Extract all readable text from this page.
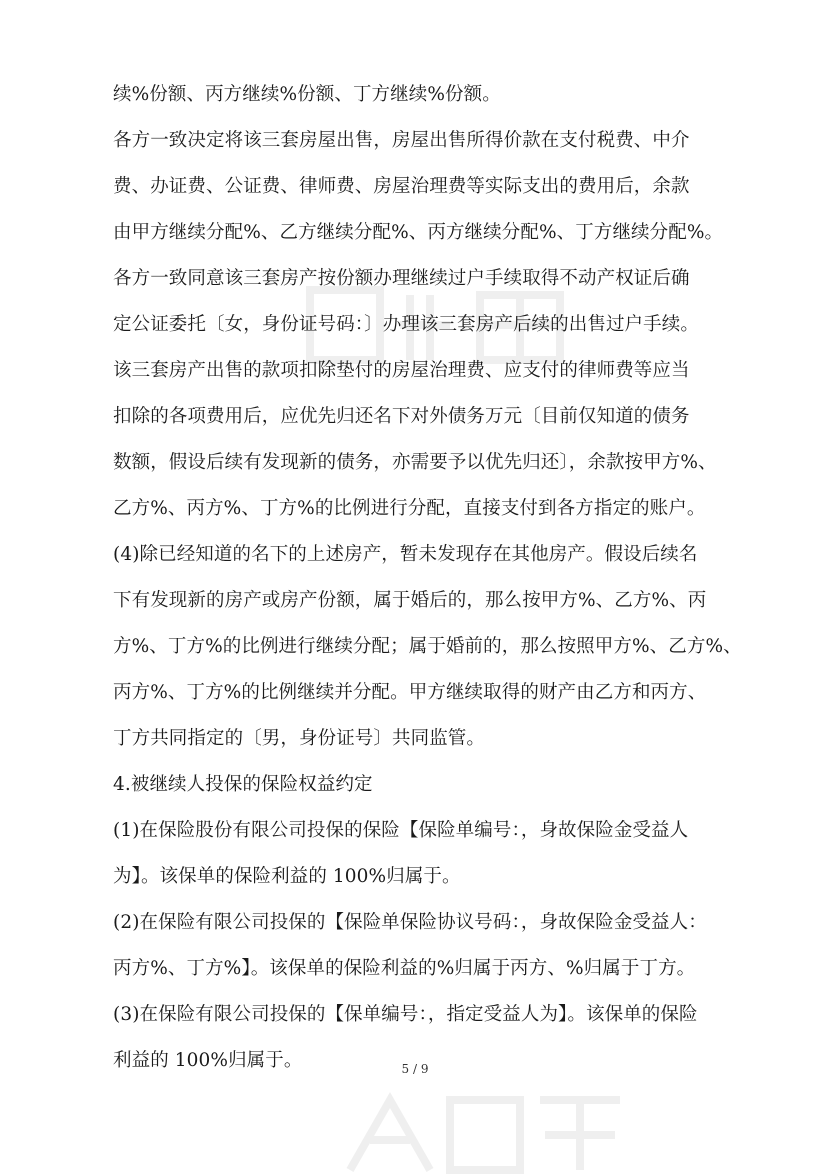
续%份额、丙方继续%份额、丁方继续%份额。
各方一致决定将该三套房屋出售，房屋出售所得价款在支付税费、中介
费、办证费、公证费、律师费、房屋治理费等实际支出的费用后，余款
由甲方继续分配%、乙方继续分配%、丙方继续分配%、丁方继续分配%。
各方一致同意该三套房产按份额办理继续过户手续取得不动产权证后确
定公证委托〔女，身份证号码：〕办理该三套房产后续的出售过户手续。
该三套房产出售的款项扣除垫付的房屋治理费、应支付的律师费等应当
扣除的各项费用后，应优先归还名下对外债务万元〔目前仅知道的债务
数额，假设后续有发现新的债务，亦需要予以优先归还〕，余款按甲方%、
乙方%、丙方%、丁方%的比例进行分配，直接支付到各方指定的账户。
(4)除已经知道的名下的上述房产，暂未发现存在其他房产。假设后续名
下有发现新的房产或房产份额，属于婚后的，那么按甲方%、乙方%、丙
方%、丁方%的比例进行继续分配；属于婚前的，那么按照甲方%、乙方%、
丙方%、丁方%的比例继续并分配。甲方继续取得的财产由乙方和丙方、
丁方共同指定的〔男，身份证号〕共同监管。
4.被继续人投保的保险权益约定
(1)在保险股份有限公司投保的保险【保险单编号：，身故保险金受益人
为】。该保单的保险利益的 100%归属于。
(2)在保险有限公司投保的【保险单保险协议号码：，身故保险金受益人：
丙方%、丁方%】。该保单的保险利益的%归属于丙方、%归属于丁方。
(3)在保险有限公司投保的【保单编号：，指定受益人为】。该保单的保险
利益的 100%归属于。	5 / 9
